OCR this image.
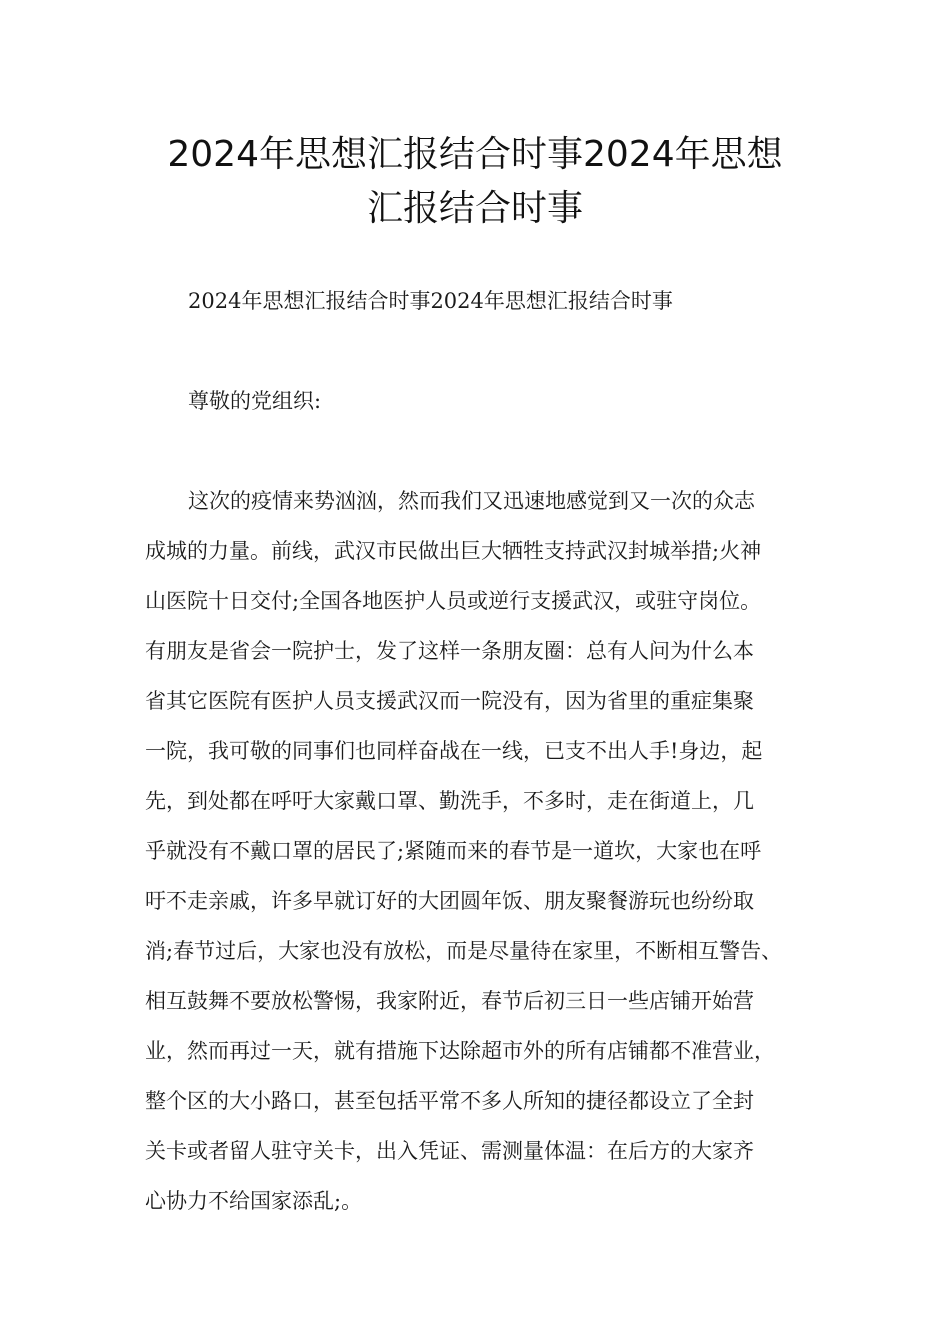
2024年思想汇报结合时事2024年思想
汇报结合时事

2024年思想汇报结合时事2024年思想汇报结合时事

尊敬的党组织:

这次的疫情来势汹汹，然而我们又迅速地感觉到又一次的众志
成城的力量。前线，武汉市民做出巨大牺牲支持武汉封城举措;火神
山医院十日交付;全国各地医护人员或逆行支援武汉，或驻守岗位。
有朋友是省会一院护士，发了这样一条朋友圈：总有人问为什么本
省其它医院有医护人员支援武汉而一院没有，因为省里的重症集聚
一院，我可敬的同事们也同样奋战在一线，已支不出人手!身边，起
先，到处都在呼吁大家戴口罩、勤洗手，不多时，走在街道上，几
乎就没有不戴口罩的居民了;紧随而来的春节是一道坎，大家也在呼
吁不走亲戚，许多早就订好的大团圆年饭、朋友聚餐游玩也纷纷取
消;春节过后，大家也没有放松，而是尽量待在家里，不断相互警告、
相互鼓舞不要放松警惕，我家附近，春节后初三日一些店铺开始营
业，然而再过一天，就有措施下达除超市外的所有店铺都不准营业，
整个区的大小路口，甚至包括平常不多人所知的捷径都设立了全封
关卡或者留人驻守关卡，出入凭证、需测量体温：在后方的大家齐
心协力不给国家添乱;。
